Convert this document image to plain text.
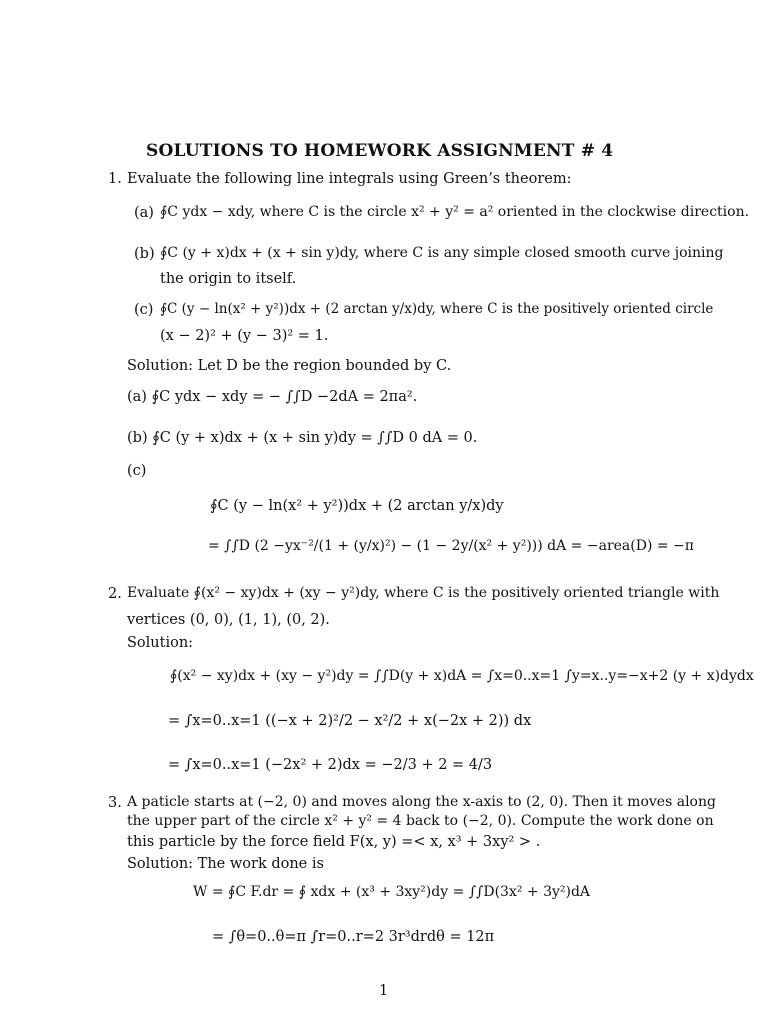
SOLUTIONS TO HOMEWORK ASSIGNMENT # 4
1. Evaluate the following line integrals using Green’s theorem:
(a) ∮C ydx − xdy, where C is the circle x² + y² = a² oriented in the clockwise direction.
(b) ∮C (y + x)dx + (x + sin y)dy, where C is any simple closed smooth curve joining
the origin to itself.
(c) ∮C (y − ln(x² + y²))dx + (2 arctan y/x)dy, where C is the positively oriented circle
(x − 2)² + (y − 3)² = 1.
Solution: Let D be the region bounded by C.
(a) ∮C ydx − xdy = − ∫∫D −2dA = 2πa².
(b) ∮C (y + x)dx + (x + sin y)dy = ∫∫D 0 dA = 0.
(c)
∮C (y − ln(x² + y²))dx + (2 arctan y/x)dy
= ∫∫D (2 −yx⁻²/(1 + (y/x)²) − (1 − 2y/(x² + y²))) dA = −area(D) = −π
2. Evaluate ∮(x² − xy)dx + (xy − y²)dy, where C is the positively oriented triangle with
vertices (0, 0), (1, 1), (0, 2).
Solution:
∮(x² − xy)dx + (xy − y²)dy = ∫∫D(y + x)dA = ∫x=0..x=1 ∫y=x..y=−x+2 (y + x)dydx
= ∫x=0..x=1 ((−x + 2)²/2 − x²/2 + x(−2x + 2)) dx
= ∫x=0..x=1 (−2x² + 2)dx = −2/3 + 2 = 4/3
3. A paticle starts at (−2, 0) and moves along the x-axis to (2, 0). Then it moves along
the upper part of the circle x² + y² = 4 back to (−2, 0). Compute the work done on
this particle by the force field F(x, y) =< x, x³ + 3xy² > .
Solution: The work done is
W = ∮C F.dr = ∮ xdx + (x³ + 3xy²)dy = ∫∫D(3x² + 3y²)dA
= ∫θ=0..θ=π ∫r=0..r=2 3r³drdθ = 12π
1
